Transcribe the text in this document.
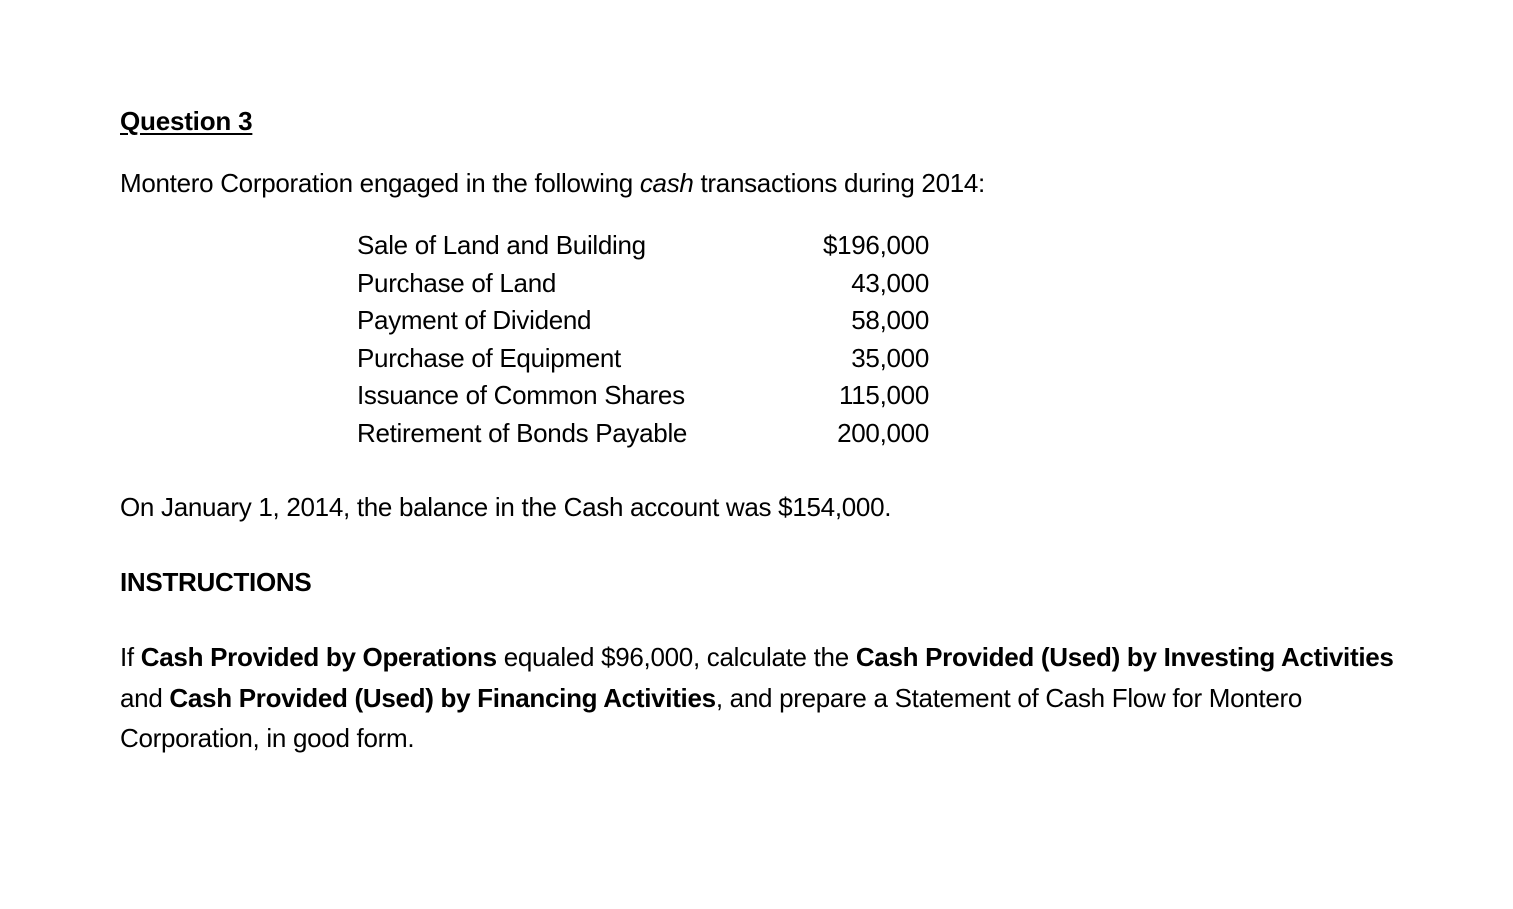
Question 3
Montero Corporation engaged in the following cash transactions during 2014:
Sale of Land and Building	$196,000
Purchase of Land	43,000
Payment of Dividend	58,000
Purchase of Equipment	35,000
Issuance of Common Shares	115,000
Retirement of Bonds Payable	200,000
On January 1, 2014, the balance in the Cash account was $154,000.
INSTRUCTIONS
If Cash Provided by Operations equaled $96,000, calculate the Cash Provided (Used) by Investing Activities and Cash Provided (Used) by Financing Activities, and prepare a Statement of Cash Flow for Montero Corporation, in good form.
